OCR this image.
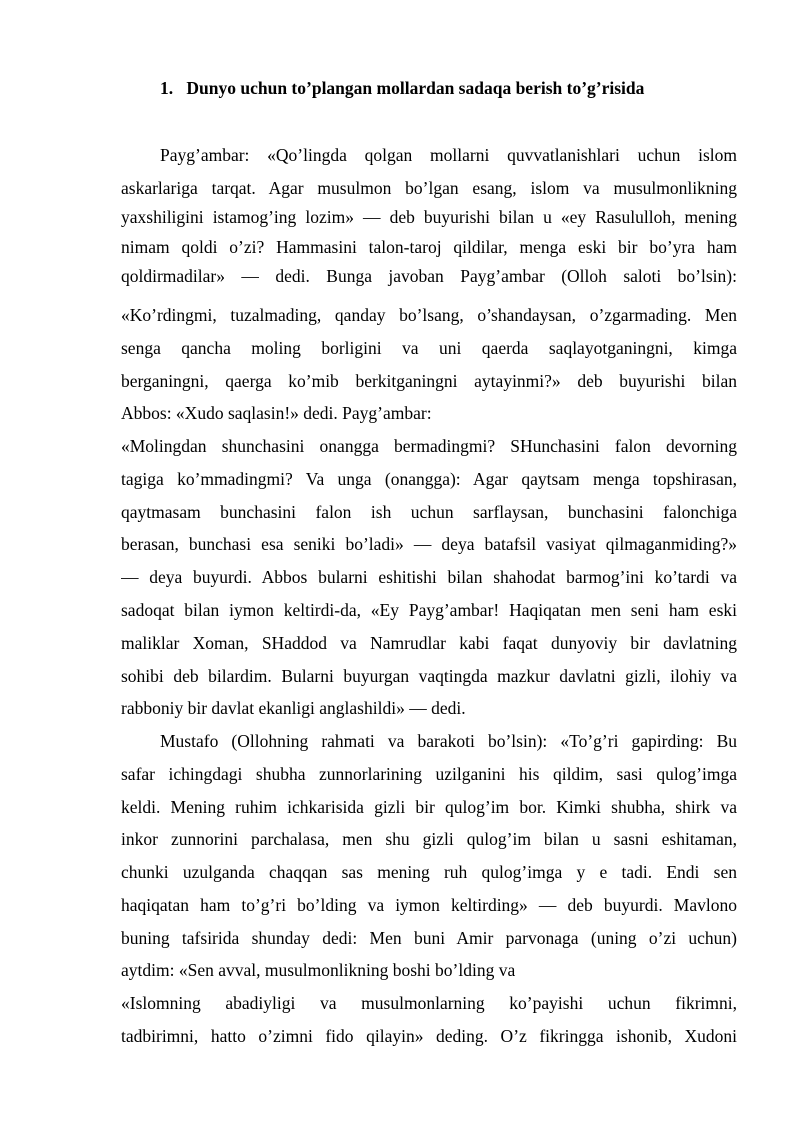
1. Dunyo uchun to’plangan mollardan sadaqa berish to’g’risida
Payg’ambar: «Qo’lingda qolgan mollarni quvvatlanishlari uchun islom
askarlariga tarqat. Agar musulmon bo’lgan esang, islom va musulmonlikning
yaxshiligini istamog’ing lozim» — deb buyurishi bilan u «ey Rasululloh, mening
nimam qoldi o’zi? Hammasini talon-taroj qildilar, menga eski bir bo’yra ham
qoldirmadilar» — dedi. Bunga javoban Payg’ambar (Olloh saloti bo’lsin):
«Ko’rdingmi, tuzalmading, qanday bo’lsang, o’shandaysan, o’zgarmading. Men
senga qancha moling borligini va uni qaerda saqlayotganingni, kimga
berganingni, qaerga ko’mib berkitganingni aytayinmi?» deb buyurishi bilan
Abbos: «Xudo saqlasin!» dedi. Payg’ambar:
«Molingdan shunchasini onangga bermadingmi? SHunchasini falon devorning
tagiga ko’mmadingmi? Va unga (onangga): Agar qaytsam menga topshirasan,
qaytmasam bunchasini falon ish uchun sarflaysan, bunchasini falonchiga
berasan, bunchasi esa seniki bo’ladi» — deya batafsil vasiyat qilmaganmiding?»
— deya buyurdi. Abbos bularni eshitishi bilan shahodat barmog’ini ko’tardi va
sadoqat bilan iymon keltirdi-da, «Ey Payg’ambar! Haqiqatan men seni ham eski
maliklar Xoman, SHaddod va Namrudlar kabi faqat dunyoviy bir davlatning
sohibi deb bilardim. Bularni buyurgan vaqtingda mazkur davlatni gizli, ilohiy va
rabboniy bir davlat ekanligi anglashildi» — dedi.
Mustafo (Ollohning rahmati va barakoti bo’lsin): «To’g’ri gapirding: Bu
safar ichingdagi shubha zunnorlarining uzilganini his qildim, sasi qulog’imga
keldi. Mening ruhim ichkarisida gizli bir qulog’im bor. Kimki shubha, shirk va
inkor zunnorini parchalasa, men shu gizli qulog’im bilan u sasni eshitaman,
chunki uzulganda chaqqan sas mening ruh qulog’imga y e tadi. Endi sen
haqiqatan ham to’g’ri bo’lding va iymon keltirding» — deb buyurdi. Mavlono
buning tafsirida shunday dedi: Men buni Amir parvonaga (uning o’zi uchun)
aytdim: «Sen avval, musulmonlikning boshi bo’lding va
«Islomning abadiyligi va musulmonlarning ko’payishi uchun fikrimni,
tadbirimni, hatto o’zimni fido qilayin» deding. O’z fikringga ishonib, Xudoni
